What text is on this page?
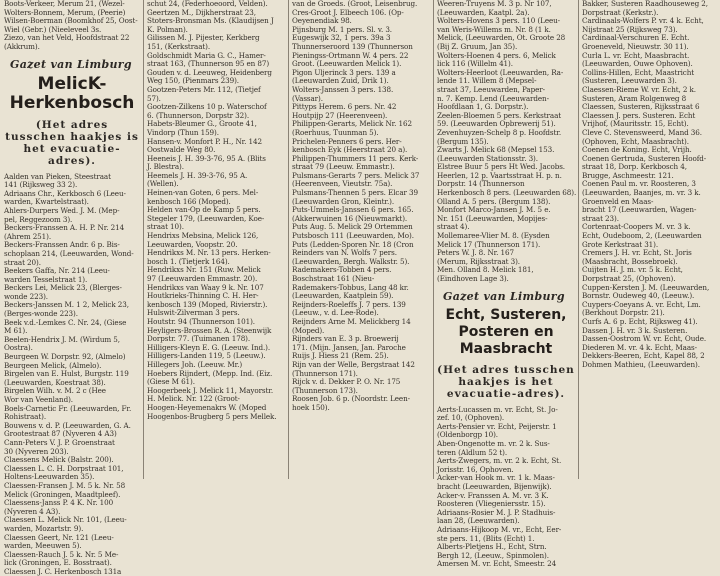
Boots-Verkeer, Merum 21, (Wezel-
Wolters-Bonnem, Merum, (Peerie)
Wilsen-Boerman (Boomkhof 25, Oost-
Wiel (Gebr.) (Nieeleveel 3s.
Ziezo, van het Veld, Hoofdstraat 22
(Akkrum).
Gazet van Limburg
MelicK-
Herkenbosch
(Het adres tusschen haakjes is het evacuatie-adres).
Aalden van Pieken, Steestraat
141 (Rijksweg 33 2).
Adriaans Chr., Kerkbosch 6 (Leeu-
warden, Kwartelstraat).
Ahlers-Durpers Wed. J. M. (Mep-
pel, Reggezoom 3).
Beckers-Franssen A. H. P. Nr. 214
(Ahrem 251).
Beckers-Franssen Andr. 6 p. Bis-
schoplaan 214, (Leeuwarden, Wond-
straat 20).
Beekers Gaffa, Nr. 214 (Leeu-
warden Tesselstraat 1).
Beckers Lei, Melick 23, (Blerges-
wonde 223).
Beckers-Janssen M. 1 2, Melick 23,
(Berges-wonde 223).
Beek v.d.-Lemkes C. Nr. 24, (Giese
M 61).
Beelen-Hendrix J. M. (Wirdum 5,
Oostra).
Beurgeen W. Dorpstr. 92, (Almelo)
Beurgeen Melick, (Almelo).
Birgelen van E. Hulst, Burgstr. 119
(Leeuwarden, Koestraat 38).
Birgelen Wilh. v. M. 2 c (Hee
Wor van Veenland).
Boels-Carnetic Fr. (Leeuwarden, Fr.
Rohistraat).
Bouwens v. d. P. (Leeuwarden, G. A.
Grootestraat 87 (Nyveren 4 A3)
Cann-Peters V. J. P. Groenstraat
30 (Nyveren 203).
Claessens Melick (Balstr. 200).
Claessen L. C. H. Dorpstraat 101,
Holtens-Leeuwarden 35).
Claessen-Fransen J. M. 5 k. Nr. 58
Melick (Groningen, Maadtpleef).
Claessens-Janss P. 4 K. Nr. 100
(Nyveren 4 A3).
Claessen L. Melick Nr. 101, (Leeu-
warden, Mozartstr. 9).
Claessen Geert, Nr. 121 (Leeu-
warden, Meeuwen 5).
Claessen-Rauch J. 5 k. Nr. 5 Me-
lick (Groningen, E. Bosstraat).
Claessen J. C. Herkenbosch 131a
schut 24, (Federhoeoord, Velden).
Geertzen M., Dijkherstraat 23,
Stoters-Bronsman Ms. (Klaudijsen J
K. Polman).
Gilissen M. J. Pijester, Kerkberg
151, (Kerkstraat).
Goldschmidt Maria G. C., Hamer-
straat 163, (Thunnerson 95 en 87)
Gouden v. d. Leeuweg, Heidenberg
Weg 150, (Pienmars 239).
Gootzen-Peters Mr. 112, (Tietjef
57).
Gootzen-Zilkens 10 p. Waterschof
6. (Thunnerson, Dorpstr 32).
Habets-Bleumer G., Groote 41,
Vindorp (Thun 159).
Hansen-v. Monfort P. H., Nr. 142
Oostwalde Weg 80.
Heeneis J. H. 39-3-76, 95 A. (Blits
J. Blestra).
Heemels J. H. 39-3-76, 95 A.
(Wellen).
Heinen-van Goten, 6 pers. Mel-
kenbosch 166 (Moped).
Helden van-Op de Kamp 5 pers.
Stegeler 179, (Leeuwarden, Koe-
straat 10).
Hendrixs Mebsina, Melick 126,
Leeuwarden, Voopstr. 20.
Hendrikxs M. Nr. 13 pers. Herken-
bosch 1. (Tietjerk 164).
Hendrikxs Nr. 151 (Ruw. Melick
97 (Leeuwarden Emmastr. 20).
Hendrikxs van Waay 9 k. Nr. 107
Houtkrieks-Thinning C. H. Her-
kenbosch 139 (Moped, Rivierstr.).
Hulswit-Zilverman 3 pers.
Houtstr. 94 (Thunnerson 101).
Heyligers-Brossen R. A. (Steenwijk
Dorpstr. 77. (Tuimanen 178).
Hilligers-Kleyn E. G. (Leeuw. Ind.).
Hilligers-Landen 119, 5 (Leeuw.).
Hillegers Joh. (Leeuw. Mr.)
Hoebers Rijndert, (Mepp. Ind. (Eiz.
(Giese M 61).
Hoogerbeek J. Melick 11, Mayorstr.
H. Melick. Nr. 122 (Groot-
Hoogen-Heyemenakrs W. (Moped
Hoogenbos-Brugberg 5 pers Mellek.
van de Groeds. (Groot, Leisenbrug.
Cres-Groot J. Elbeech 106. (Op-
Oeyenendiak 98.
Pijnsburg M. 1 pers. Sl. v. 3.
Eugeswijk 32, 1 pers. 39a 3
Thunnerseroord 139 (Thunnerson
Pieningss-Ortmann W. 4 pers. 22
Groot. (Leeuwarden Melick 1).
Pigon Uljerinck 3 pers. 139 a
(Leeuwarden Zuid, Drik 1).
Wolters-Janssen 3 pers. 138.
(Vassar).
Pittyps Herem. 6 pers. Nr. 42
Houtpijp 27 (Heerenveen).
Philippen-Gerarts, Melick Nr. 162
(Roerhuus, Tuunman 5).
Prichelen-Penners 6 pers. Her-
kenbosch Eyk (Heerstraat 20 a).
Philippen-Thummers 11 pers. Kerk-
straat 79 (Leeuw. Emmastr.).
Pulsmans-Gerarts 7 pers. Melick 37
(Heerenveen, Vieutstr. 75a).
Pulsmans-Thennen 5 pers. Elcar 39
(Leeuwarden Gron, Kleintr.).
Puts-Ummels-Janssen 6 pers. 165.
(Akkerwuinen 16 (Nieuwmarkt).
Puts Aug. 5. Melick 29 Ortemmen
Putsbosch 111 (Leeuwarden, Mo).
Puts (Ledden-Sporen Nr. 18 (Cron
Reinders van N. Wolfs 7 pers.
(Leeuwarden, Bergh. Walkstr. 5).
Rademakers-Tobben 4 pers.
Boschstraat 161 (Nieu-
Rademakers-Tobbus, Lang 48 kr.
(Leeuwarden, Kaatplein 59).
Reijnders-Roeleffs J. 7 pers. 139
(Leeuw., v. d. Lee-Rode).
Reijnders Arne M. Melickberg 14
(Moped).
Rijnders van E. 3 p. Broewerij
171. (Mijn. Jansen, Jan. Paroche
Ruijs J. Hiess 21 (Rem. 25).
Rijn van der Welle, Bergstraat 142
(Thunnerson 171).
Rijck v. d. Dekker P. O. Nr. 175
(Thunnerson 173).
Roosen Job. 6 p. (Noordstr. Leen-
hoek 150).
Weeren-Truyens M. 3 p. Nr 107,
(Leeuwarden, Kaatpl. 2a).
Wolters-Hovens 3 pers. 110 (Leeu-
van Weris-Willems m. Nr. 8 (1 k.
Melick, (Leeuwarden, Ot. Groote 28
(Bij Z. Gruum, Jan 35).
Wolters-Hoenen 4 pers. 6, Melick
lick 116 (Willelm 41).
Wolters-Heerloot (Leeuwarden, Ra-
lende 11. Willem 8 (Mepsel-
straat 37, Leeuwarden, Paper-
n. 7. Kemp. Lend (Leeuwarden-
Hoofdlaan 1, G. Dorpstr.).
Zeelen-Bloemen 5 pers. Kerkstraat
59. (Leeuwarden Opbrewerij 51).
Zevenhuyzen-Schelp 8 p. Hoofdstr.
(Bergum 135).
Zwarts J. Melick 68 (Mepsel 153.
(Leeuwarden Stationsstr. 3).
Elstree Buur 5 pers Ht Wed. Jacobs.
Heerlen, 12 p. Vaartsstraat H. p. n.
Dorpstr. 14 (Thunnerson
Herkenbosch 8 pers. (Leeuwarden 68).
Olland A. 5 pers. (Bergum 138).
Monfort Marco-Jansen J. M. 5 e.
Nr. 151 (Leeuwarden, Mopijes-
straat 4).
Mollemaree-Vlier M. 8. (Eysden
Melick 17 (Thunnerson 171).
Peters W. J. 8. Nr. 167
(Merum, Rijksstraat 3).
Men. Olland 8. Melick 181,
(Eindhoven Lage 3).
Gazet van Limburg
Echt, Susteren,
Posteren en
Maasbracht
(Het adres tusschen haakjes is het evacuatie-adres).
Aerts-Lucassen m. vr. Echt, St. Jo-
zef. 10, (Ophoven).
Aerts-Pensier vr. Echt, Peijerstr. 1
(Oldenborgp 10).
Aben-Ongenotte m. vr. 2 k. Sus-
teren (Aldlum 52 t).
Aerts-Zwegers, m. vr. 2 k. Echt, St.
Jorisstr. 16, Ophoven.
Acker-van Hook m. vr. 1 k. Maas-
bracht (Leeuwarden, Bijenwijk).
Acker-v. Franssen A. M. vr. 3 K.
Roosteren (Vliegeniersstr. 15).
Adriaans-Rosier M. J. P. Stadhuis-
laan 28, (Leeuwarden).
Adriaans-Hijkoop M. vr., Echt, Eer-
ste pers. 11, (Blits (Echt) 1.
Alberts-Pletjens H., Echt, Strn.
Bergh 12, (Leeuw., Spinmolen).
Amersen M. vr. Echt, Smeestr. 24
Bakker, Susteren Raadhouseweg 2,
Dorpstraat (Kerkstr.).
Cardinaals-Wolfers P. vr. 4 k. Echt,
Nijstraat 25 (Rijksweg 73).
Cardinaal-Verschuren E. Echt.
Groeneveld, Nieuwstr. 30 11).
Curla L. vr. Echt, Maasbracht.
(Leeuwarden, Ouwe Ophoven).
Collins-Hillen, Echt, Maastricht
(Susteren, Leeuwarden 3).
Claessen-Rieme W. vr. Echt, 2 k.
Susteren, Aram Rolgenweg 8
Claessen, Susteren, Rijksstraat 6
Claessen J. pers. Susteren. Echt
Vrijhof, (Mauritsstr. 15, Echt).
Cleve C. Stevensweerd, Mand 36.
(Ophoven, Echt, Maasbracht).
Coenen de Koning. Echt, Vrijh.
Coenen Gertruda, Susteren Hoofd-
straat 18, Dorp. Kerkbosch 4,
Brugge, Aschmeestr. 121.
Coenen Paul m. vr. Roosteren, 3
(Leeuwarden, Baanjes, m. vr. 3 k.
Groenveld en Maas-
bracht 17 (Leeuwarden, Wagen-
straat 23).
Cortenraat-Coopers M. vr. 3 k.
Echt, Oudeboom, 2, (Leeuwarden
Grote Kerkstraat 31).
Cremers J. H. vr. Echt, St. Joris
(Maasbracht, Bossebroek).
Cuijten H. J. m. vr. 5 k. Echt,
Dorpstraat 25, (Ophoven).
Cuppen-Kersten J. M. (Leeuwarden,
Bornstr. Oudeweg 40, (Leeuw.).
Cuypers-Coeyans A. vr. Echt, Lm.
(Berkhout Dorpstr. 21).
Curfs A. 6 p. Echt, Rijksweg 41).
Dassen J. H. vr. 3 k. Susteren.
Dassen-Oostrom W. vr. Echt, Oude.
Diederen M. vr. 4 k. Echt, Maas-
Dekkers-Beeren, Echt, Kapel 88, 2
Dohmen Mathieu, (Leeuwarden).
